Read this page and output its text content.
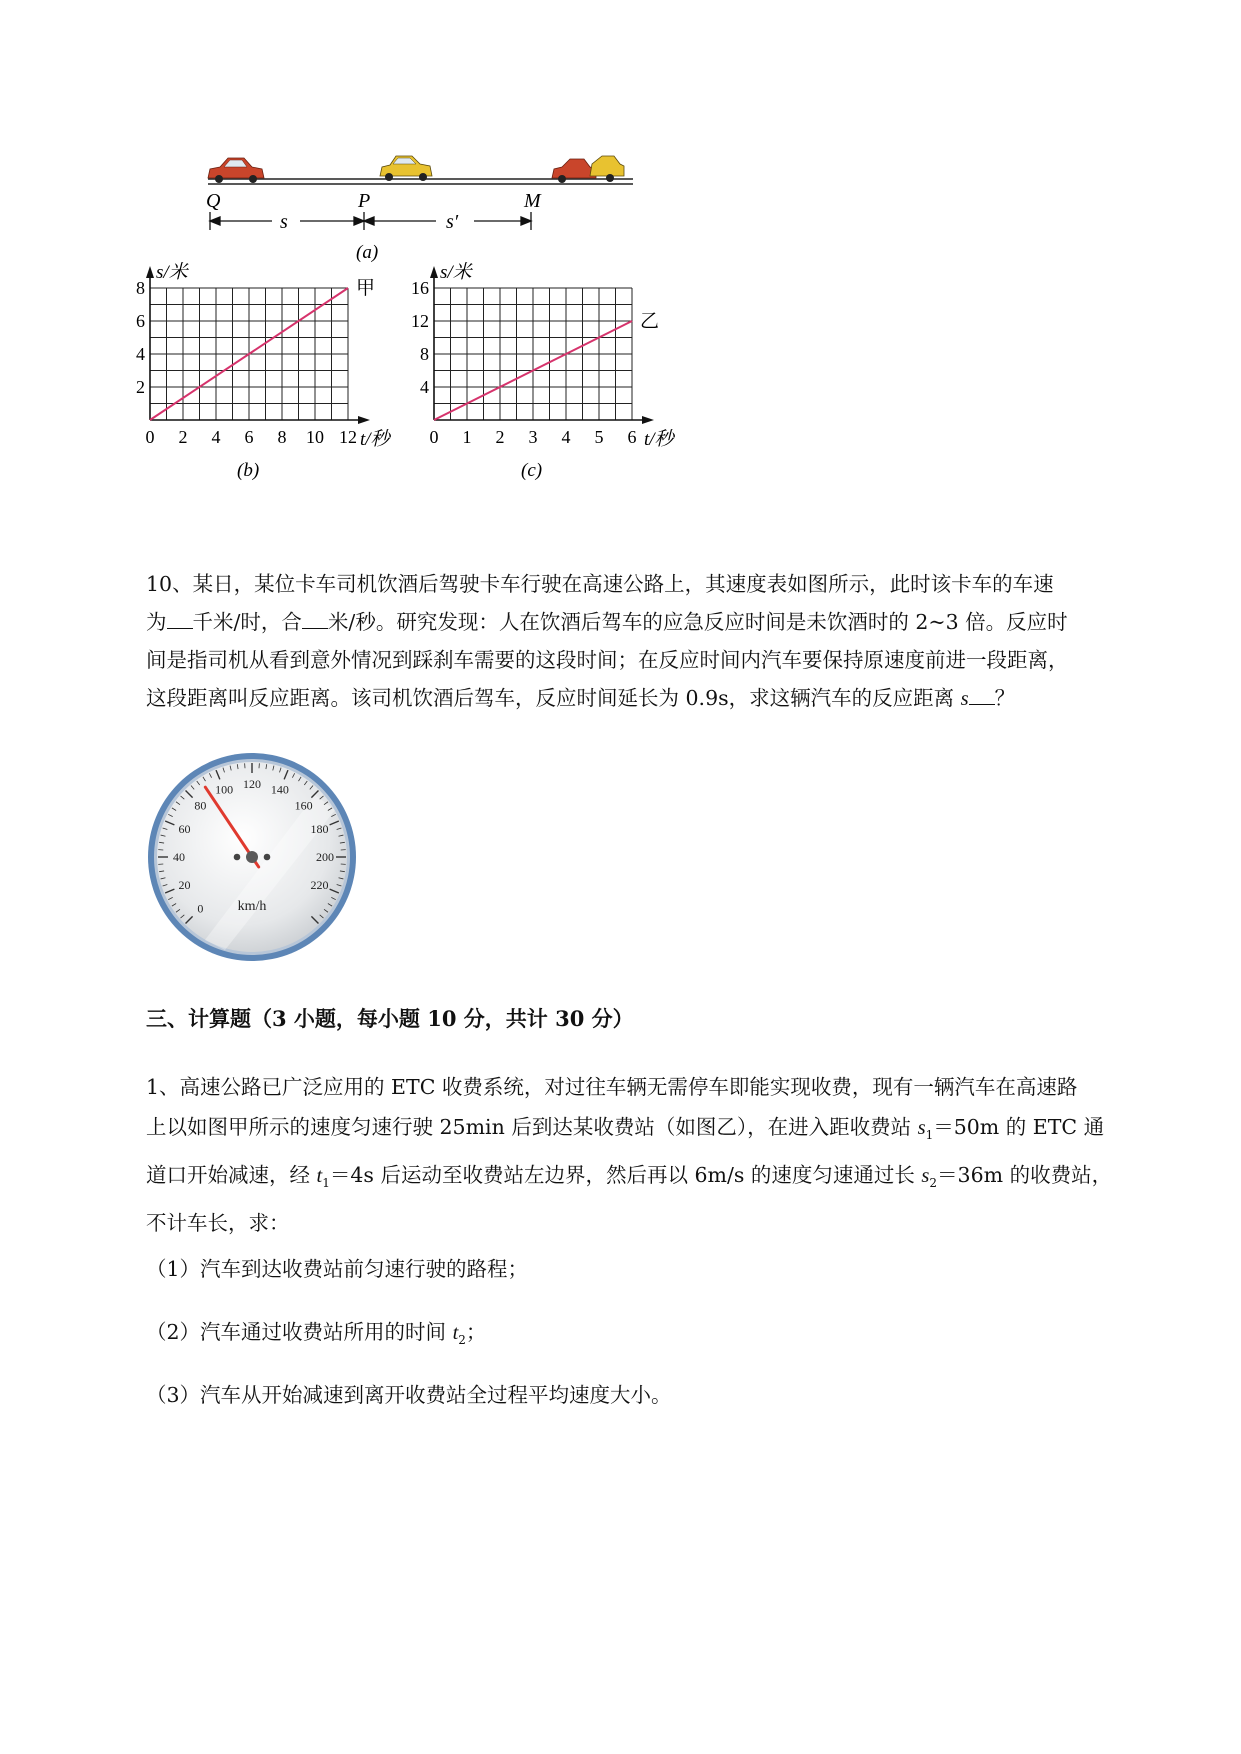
Q	P	M
s	s′
(a)
0 2 4 6 8 10 12
2
4
6
8
s/米
t/秒
甲
(b)
0 1 2 3 4 5 6
4
8
12
16
s/米
t/秒
乙
(c)
10、某日，某位卡车司机饮酒后驾驶卡车行驶在高速公路上，其速度表如图所示，此时该卡车的车速
为 千米/时，合 米/秒。研究发现：人在饮酒后驾车的应急反应时间是未饮酒时的 2~3 倍。反应时
间是指司机从看到意外情况到踩刹车需要的这段时间；在反应时间内汽车要保持原速度前进一段距离，
这段距离叫反应距离。该司机饮酒后驾车，反应时间延长为 0.9s，求这辆汽车的反应距离 s ？
0
20
40
60
80
100 120 140
160
180
200
220
km/h
三、计算题（3 小题，每小题 10 分，共计 30 分）
1、高速公路已广泛应用的 ETC 收费系统，对过往车辆无需停车即能实现收费，现有一辆汽车在高速路
上以如图甲所示的速度匀速行驶 25min 后到达某收费站（如图乙），在进入距收费站 $s_1=50m$ 的 ETC 通
道口开始减速，经 $t_1=4s$ 后运动至收费站左边界，然后再以 6m/s 的速度匀速通过长 $s_2=36m$ 的收费站，
不计车长，求：
（1）汽车到达收费站前匀速行驶的路程；
（2）汽车通过收费站所用的时间 $t_2$；
（3）汽车从开始减速到离开收费站全过程平均速度大小。
